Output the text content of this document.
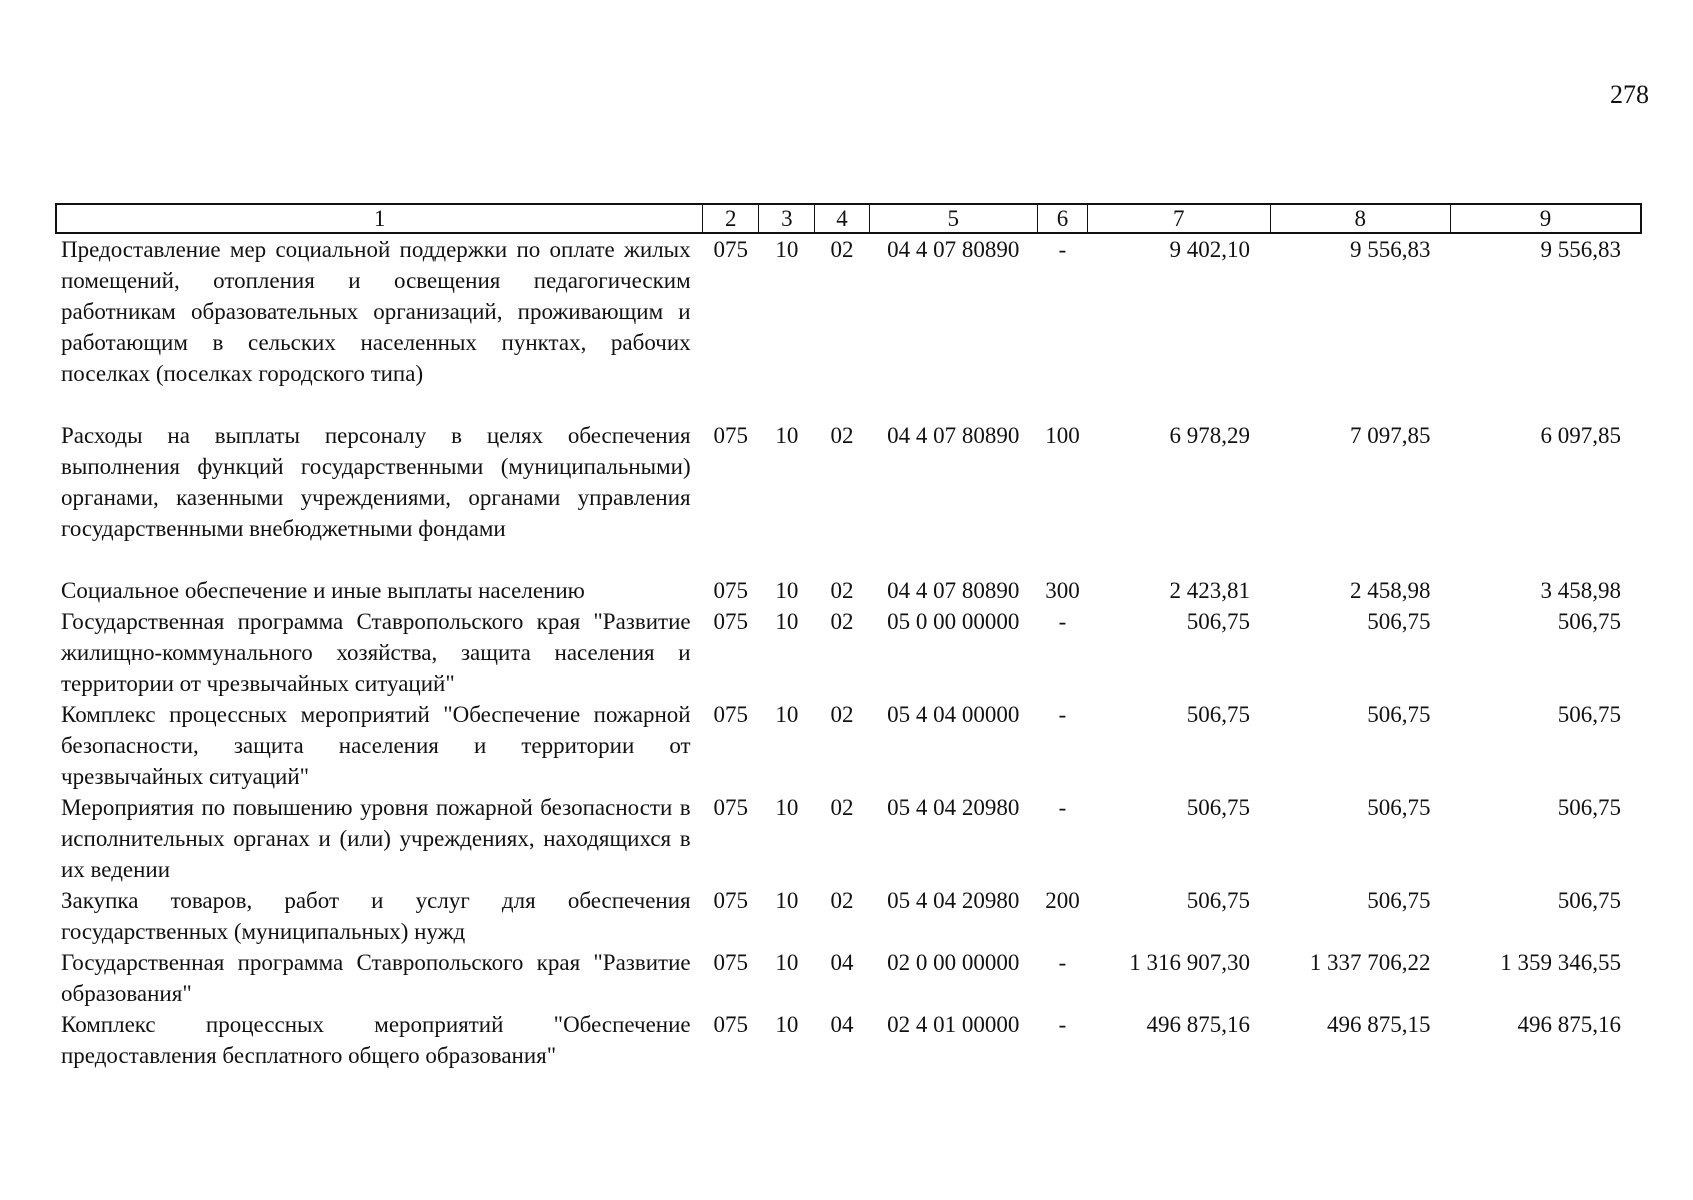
278
1	2	3	4	5	6	7	8	9
Предоставление мер социальной поддержки по оплате жилых помещений, отопления и освещения педагогическим работникам образовательных организаций, проживающим и работающим в сельских населенных пунктах, рабочих поселках (поселках городского типа)	075	10	02	04 4 07 80890	-	9 402,10	9 556,83	9 556,83
Расходы на выплаты персоналу в целях обеспечения выполнения функций государственными (муниципальными) органами, казенными учреждениями, органами управления государственными внебюджетными фондами	075	10	02	04 4 07 80890	100	6 978,29	7 097,85	6 097,85
Социальное обеспечение и иные выплаты населению	075	10	02	04 4 07 80890	300	2 423,81	2 458,98	3 458,98
Государственная программа Ставропольского края "Развитие жилищно-коммунального хозяйства, защита населения и территории от чрезвычайных ситуаций"	075	10	02	05 0 00 00000	-	506,75	506,75	506,75
Комплекс процессных мероприятий "Обеспечение пожарной безопасности, защита населения и территории от чрезвычайных ситуаций"	075	10	02	05 4 04 00000	-	506,75	506,75	506,75
Мероприятия по повышению уровня пожарной безопасности в исполнительных органах и (или) учреждениях, находящихся в их ведении	075	10	02	05 4 04 20980	-	506,75	506,75	506,75
Закупка товаров, работ и услуг для обеспечения государственных (муниципальных) нужд	075	10	02	05 4 04 20980	200	506,75	506,75	506,75
Государственная программа Ставропольского края "Развитие образования"	075	10	04	02 0 00 00000	-	1 316 907,30	1 337 706,22	1 359 346,55
Комплекс процессных мероприятий "Обеспечение предоставления бесплатного общего образования"	075	10	04	02 4 01 00000	-	496 875,16	496 875,15	496 875,16
